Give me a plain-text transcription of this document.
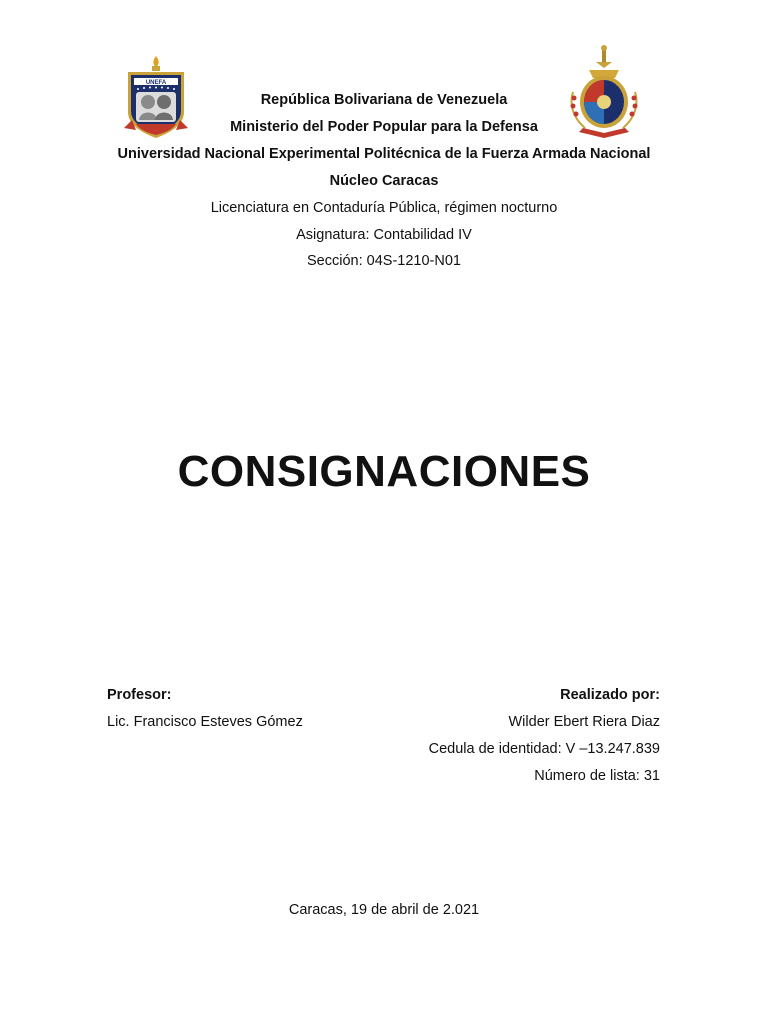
UNEFA
República Bolivariana de Venezuela
Ministerio del Poder Popular para la Defensa
Universidad Nacional Experimental Politécnica de la Fuerza Armada Nacional
Núcleo Caracas
Licenciatura en Contaduría Pública, régimen nocturno
Asignatura: Contabilidad IV
Sección: 04S-1210-N01
CONSIGNACIONES
Profesor:
Lic. Francisco Esteves Gómez
Realizado por:
Wilder Ebert Riera Diaz
Cedula de identidad: V –13.247.839
Número de lista: 31
Caracas, 19 de abril de 2.021
